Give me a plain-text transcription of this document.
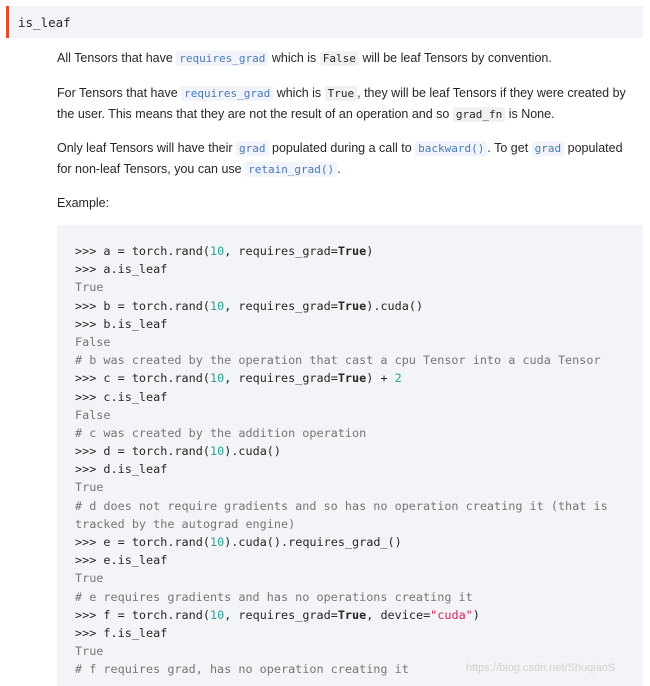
is_leaf

All Tensors that have requires_grad which is False will be leaf Tensors by convention.

For Tensors that have requires_grad which is True , they will be leaf Tensors if they were created by the user. This means that they are not the result of an operation and so grad_fn is None.

Only leaf Tensors will have their grad populated during a call to backward() . To get grad populated for non-leaf Tensors, you can use retain_grad() .

Example:

>>> a = torch.rand(10, requires_grad=True)
>>> a.is_leaf
True
>>> b = torch.rand(10, requires_grad=True).cuda()
>>> b.is_leaf
False
# b was created by the operation that cast a cpu Tensor into a cuda Tensor
>>> c = torch.rand(10, requires_grad=True) + 2
>>> c.is_leaf
False
# c was created by the addition operation
>>> d = torch.rand(10).cuda()
>>> d.is_leaf
True
# d does not require gradients and so has no operation creating it (that is
tracked by the autograd engine)
>>> e = torch.rand(10).cuda().requires_grad_()
>>> e.is_leaf
True
# e requires gradients and has no operations creating it
>>> f = torch.rand(10, requires_grad=True, device="cuda")
>>> f.is_leaf
True
# f requires grad, has no operation creating it	https://blog.csdn.net/ShuqiaoS
